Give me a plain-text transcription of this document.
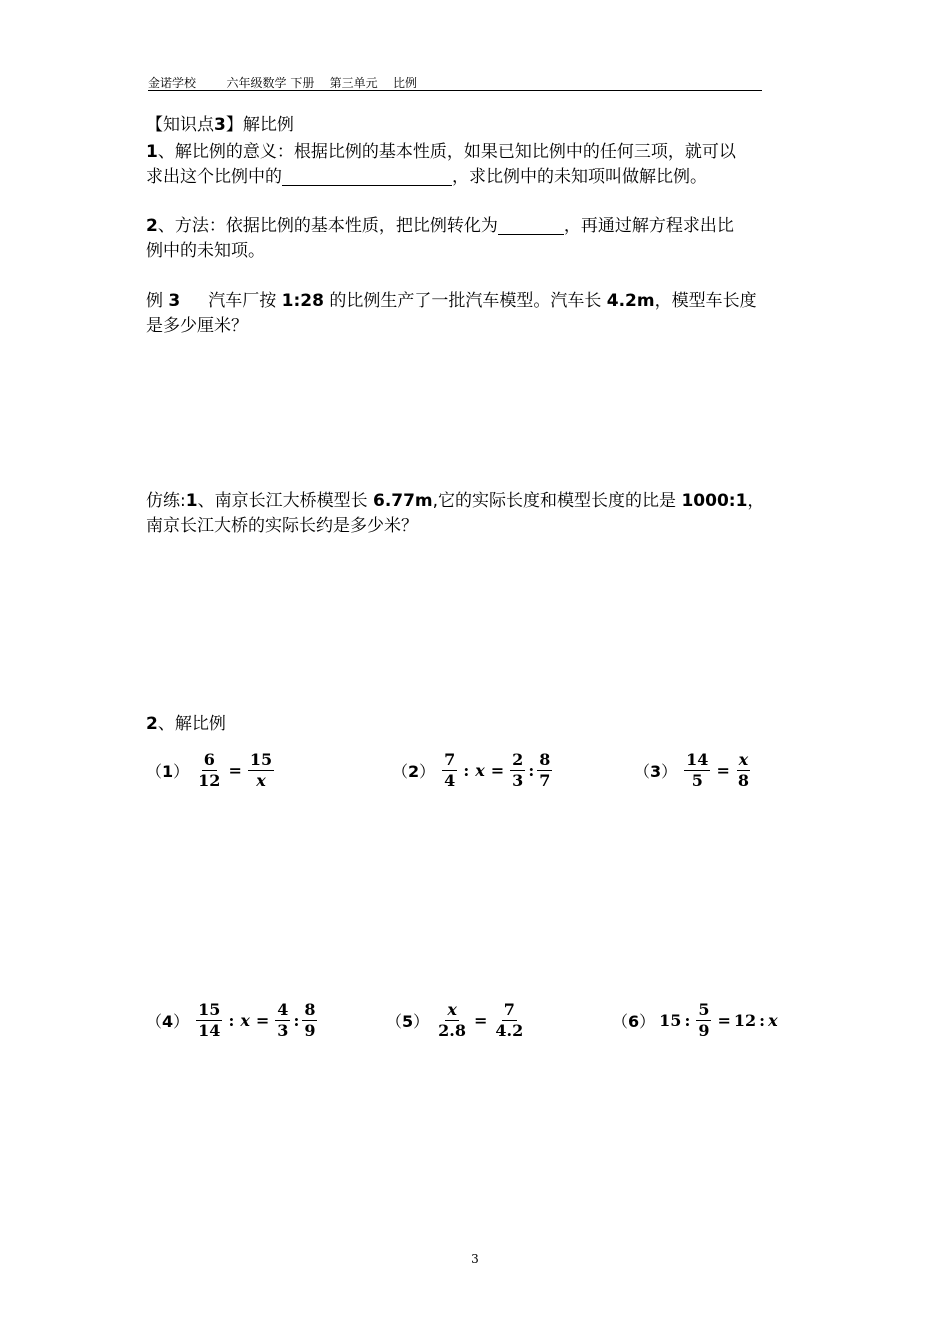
金诺学校	六年级数学 下册 第三单元 比例
【知识点3】解比例
1、解比例的意义：根据比例的基本性质，如果已知比例中的任何三项，就可以
求出这个比例中的	，求比例中的未知项叫做解比例。
2、方法：依据比例的基本性质，把比例转化为	，再通过解方程求出比
例中的未知项。
例 3 汽车厂按 1:28 的比例生产了一批汽车模型。汽车长 4.2m，模型车长度
是多少厘米？
仿练:1、南京长江大桥模型长 6.77m,它的实际长度和模型长度的比是 1000:1，
南京长江大桥的实际长约是多少米？
2、解比例
$(1) \frac{6}{12} = \frac{15}{x}$	$(2) \frac{7}{4}$ : $x = \frac{2}{3}$ : $\frac{8}{7}$	$(3) \frac{14}{5} = \frac{x}{8}$
$(4) \frac{15}{14}$ : $x = \frac{4}{3}$ : $\frac{8}{9}$	$(5) \frac{x}{2.8} = \frac{7}{4.2}$	（6） 15 : $\frac{5}{9} = 12$ : x
3
